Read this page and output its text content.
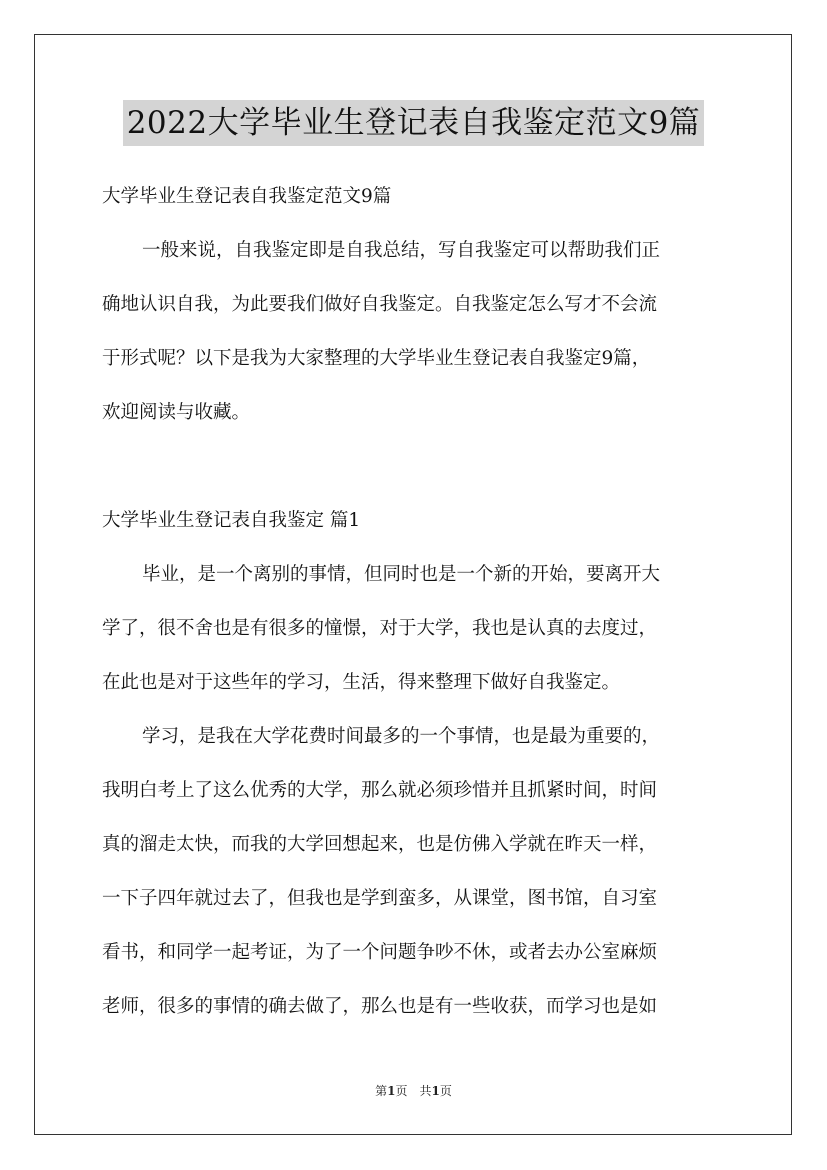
2022大学毕业生登记表自我鉴定范文9篇
大学毕业生登记表自我鉴定范文9篇
一般来说，自我鉴定即是自我总结，写自我鉴定可以帮助我们正
确地认识自我，为此要我们做好自我鉴定。自我鉴定怎么写才不会流
于形式呢？以下是我为大家整理的大学毕业生登记表自我鉴定9篇，
欢迎阅读与收藏。
大学毕业生登记表自我鉴定 篇1
毕业，是一个离别的事情，但同时也是一个新的开始，要离开大
学了，很不舍也是有很多的憧憬，对于大学，我也是认真的去度过，
在此也是对于这些年的学习，生活，得来整理下做好自我鉴定。
学习，是我在大学花费时间最多的一个事情，也是最为重要的，
我明白考上了这么优秀的大学，那么就必须珍惜并且抓紧时间，时间
真的溜走太快，而我的大学回想起来，也是仿佛入学就在昨天一样，
一下子四年就过去了，但我也是学到蛮多，从课堂，图书馆，自习室
看书，和同学一起考证，为了一个问题争吵不休，或者去办公室麻烦
老师，很多的事情的确去做了，那么也是有一些收获，而学习也是如
第1页　共1页
